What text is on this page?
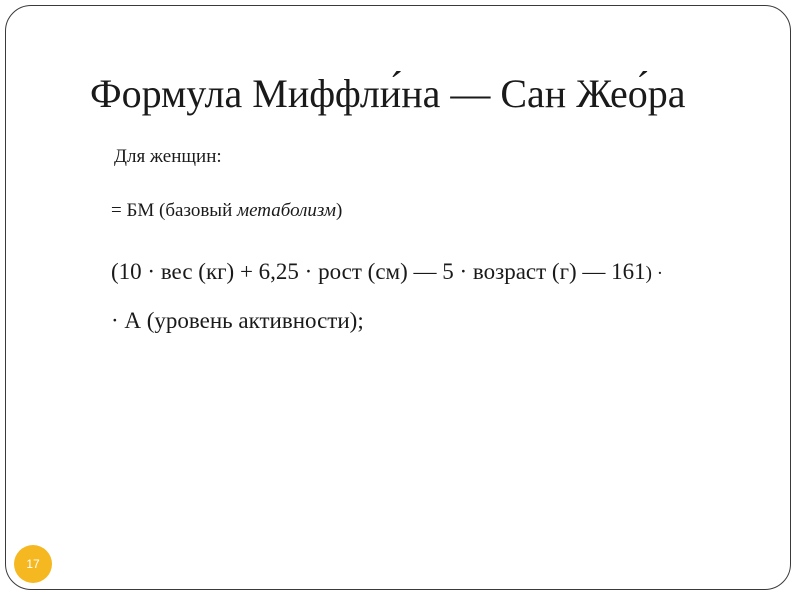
Формула Миффли́на — Сан Жео́ра

Для женщин:

= БМ (базовый метаболизм)

(10 · вес (кг) + 6,25 · рост (см) — 5 · возраст (г) — 161) ·

· А (уровень активности);

17
